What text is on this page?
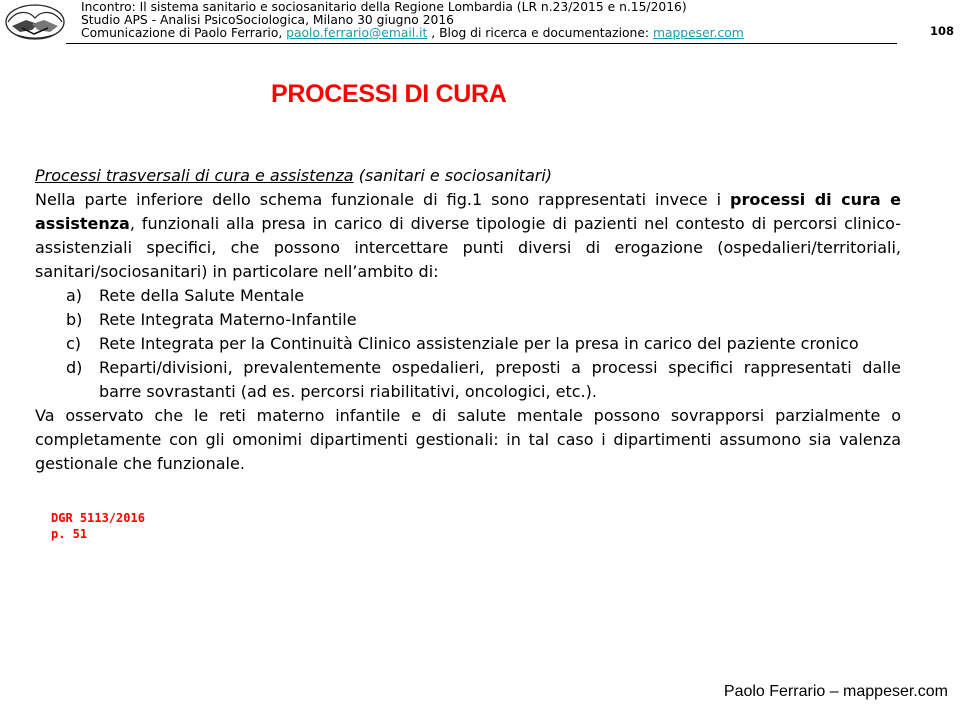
Incontro: Il sistema sanitario e sociosanitario della Regione Lombardia (LR n.23/2015 e n.15/2016)
Studio APS - Analisi PsicoSociologica, Milano 30 giugno 2016
Comunicazione di Paolo Ferrario, paolo.ferrario@email.it , Blog di ricerca e documentazione: mappeser.com	108
PROCESSI DI CURA

Processi trasversali di cura e assistenza (sanitari e sociosanitari)

Nella parte inferiore dello schema funzionale di fig.1 sono rappresentati invece i processi di cura e assistenza, funzionali alla presa in carico di diverse tipologie di pazienti nel contesto di percorsi clinico-assistenziali specifici, che possono intercettare punti diversi di erogazione (ospedalieri/territoriali, sanitari/sociosanitari) in particolare nell’ambito di:

a) Rete della Salute Mentale
b) Rete Integrata Materno-Infantile
c) Rete Integrata per la Continuità Clinico assistenziale per la presa in carico del paziente cronico
d) Reparti/divisioni, prevalentemente ospedalieri, preposti a processi specifici rappresentati dalle barre sovrastanti (ad es. percorsi riabilitativi, oncologici, etc.).

Va osservato che le reti materno infantile e di salute mentale possono sovrapporsi parzialmente o completamente con gli omonimi dipartimenti gestionali: in tal caso i dipartimenti assumono sia valenza gestionale che funzionale.

DGR 5113/2016
p. 51
Paolo Ferrario – mappeser.com
